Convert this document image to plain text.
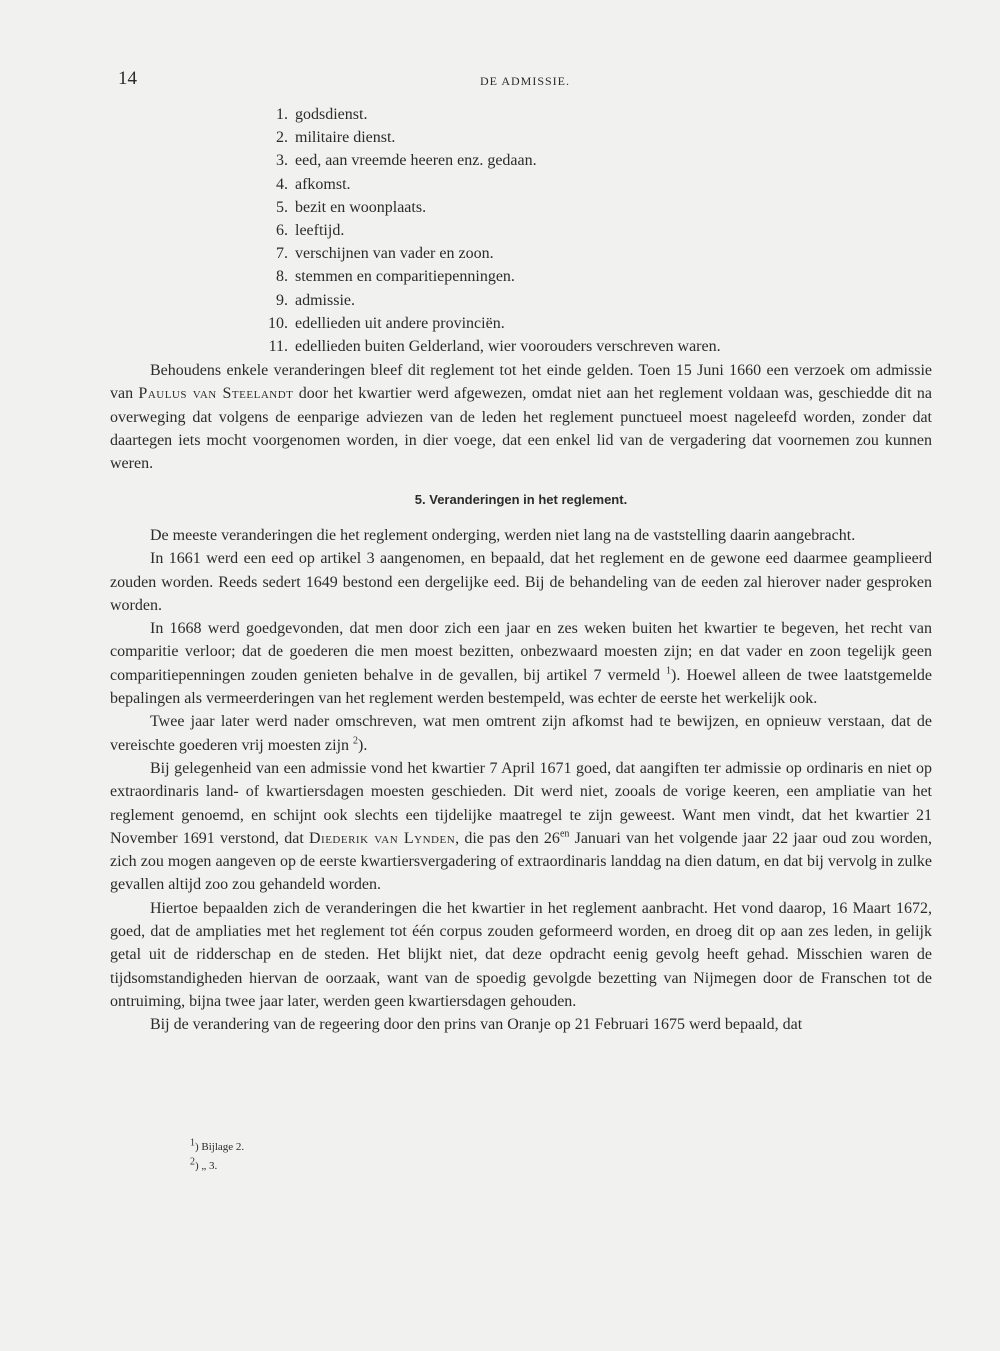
14	DE ADMISSIE.
1. godsdienst.
2. militaire dienst.
3. eed, aan vreemde heeren enz. gedaan.
4. afkomst.
5. bezit en woonplaats.
6. leeftijd.
7. verschijnen van vader en zoon.
8. stemmen en comparitiepenningen.
9. admissie.
10. edellieden uit andere provinciën.
11. edellieden buiten Gelderland, wier voorouders verschreven waren.

Behoudens enkele veranderingen bleef dit reglement tot het einde gelden. Toen 15 Juni 1660 een verzoek om admissie van Paulus van Steelandt door het kwartier werd afgewezen, omdat niet aan het reglement voldaan was, geschiedde dit na overweging dat volgens de eenparige adviezen van de leden het reglement punctueel moest nageleefd worden, zonder dat daartegen iets mocht voorgenomen worden, in dier voege, dat een enkel lid van de vergadering dat voornemen zou kunnen weren.

5. Veranderingen in het reglement.

De meeste veranderingen die het reglement onderging, werden niet lang na de vaststelling daarin aangebracht.

In 1661 werd een eed op artikel 3 aangenomen, en bepaald, dat het reglement en de gewone eed daarmee geamplieerd zouden worden. Reeds sedert 1649 bestond een dergelijke eed. Bij de behandeling van de eeden zal hierover nader gesproken worden.

In 1668 werd goedgevonden, dat men door zich een jaar en zes weken buiten het kwartier te begeven, het recht van comparitie verloor; dat de goederen die men moest bezitten, onbezwaard moesten zijn; en dat vader en zoon tegelijk geen comparitiepenningen zouden genieten behalve in de gevallen, bij artikel 7 vermeld $^1$). Hoewel alleen de twee laatstgemelde bepalingen als vermeerderingen van het reglement werden bestempeld, was echter de eerste het werkelijk ook.

Twee jaar later werd nader omschreven, wat men omtrent zijn afkomst had te bewijzen, en opnieuw verstaan, dat de vereischte goederen vrij moesten zijn $^2$).

Bij gelegenheid van een admissie vond het kwartier 7 April 1671 goed, dat aangiften ter admissie op ordinaris en niet op extraordinaris land- of kwartiersdagen moesten geschieden. Dit werd niet, zooals de vorige keeren, een ampliatie van het reglement genoemd, en schijnt ook slechts een tijdelijke maatregel te zijn geweest. Want men vindt, dat het kwartier 21 November 1691 verstond, dat Diederik van Lynden, die pas den $26^{en}$ Januari van het volgende jaar 22 jaar oud zou worden, zich zou mogen aangeven op de eerste kwartiersvergadering of extraordinaris landdag na dien datum, en dat bij vervolg in zulke gevallen altijd zoo zou gehandeld worden.

Hiertoe bepaalden zich de veranderingen die het kwartier in het reglement aanbracht. Het vond daarop, 16 Maart 1672, goed, dat de ampliaties met het reglement tot één corpus zouden geformeerd worden, en droeg dit op aan zes leden, in gelijk getal uit de ridderschap en de steden. Het blijkt niet, dat deze opdracht eenig gevolg heeft gehad. Misschien waren de tijdsomstandigheden hiervan de oorzaak, want van de spoedig gevolgde bezetting van Nijmegen door de Franschen tot de ontruiming, bijna twee jaar later, werden geen kwartiersdagen gehouden.

Bij de verandering van de regeering door den prins van Oranje op 21 Februari 1675 werd bepaald, dat

$^1$) Bijlage 2.
$^2$) „ 3.
